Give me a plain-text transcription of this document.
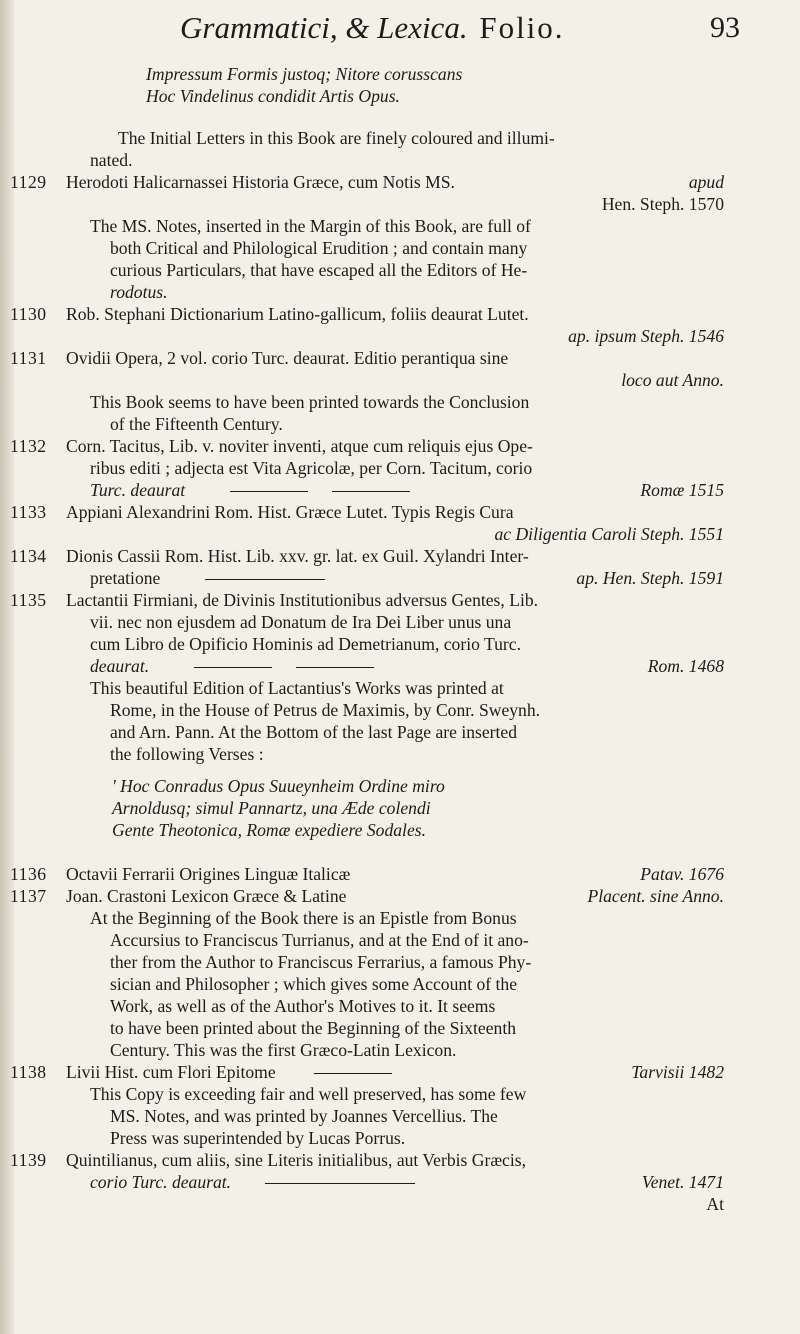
Grammatici, & Lexica. Folio.	93
Impressum Formis justoq; Nitore corusscans
Hoc Vindelinus condidit Artis Opus.
The Initial Letters in this Book are finely coloured and illumi-
nated.
1129	Herodoti Halicarnassei Historia Græce, cum Notis MS.	apud
Hen. Steph. 1570
The MS. Notes, inserted in the Margin of this Book, are full of
both Critical and Philological Erudition ; and contain many
curious Particulars, that have escaped all the Editors of He-
rodotus.
1130	Rob. Stephani Dictionarium Latino-gallicum, foliis deaurat Lutet.
ap. ipsum Steph. 1546
1131	Ovidii Opera, 2 vol. corio Turc. deaurat. Editio perantiqua sine
loco aut Anno.
This Book seems to have been printed towards the Conclusion
of the Fifteenth Century.
1132	Corn. Tacitus, Lib. v. noviter inventi, atque cum reliquis ejus Ope-
ribus editi ; adjecta est Vita Agricolæ, per Corn. Tacitum, corio
Turc. deaurat	Romæ 1515
1133	Appiani Alexandrini Rom. Hist. Græce Lutet. Typis Regis Cura
ac Diligentia Caroli Steph. 1551
1134	Dionis Cassii Rom. Hist. Lib. xxv. gr. lat. ex Guil. Xylandri Inter-
pretatione	ap. Hen. Steph. 1591
1135	Lactantii Firmiani, de Divinis Institutionibus adversus Gentes, Lib.
vii. nec non ejusdem ad Donatum de Ira Dei Liber unus una
cum Libro de Opificio Hominis ad Demetrianum, corio Turc.
deaurat.	Rom. 1468
This beautiful Edition of Lactantius's Works was printed at
Rome, in the House of Petrus de Maximis, by Conr. Sweynh.
and Arn. Pann. At the Bottom of the last Page are inserted
the following Verses :
' Hoc Conradus Opus Suueynheim Ordine miro
Arnoldusq; simul Pannartz, una Æde colendi
Gente Theotonica, Romæ expediere Sodales.
1136	Octavii Ferrarii Origines Linguæ Italicæ	Patav. 1676
1137	Joan. Crastoni Lexicon Græce & Latine	Placent. sine Anno.
At the Beginning of the Book there is an Epistle from Bonus
Accursius to Franciscus Turrianus, and at the End of it ano-
ther from the Author to Franciscus Ferrarius, a famous Phy-
sician and Philosopher ; which gives some Account of the
Work, as well as of the Author's Motives to it. It seems
to have been printed about the Beginning of the Sixteenth
Century. This was the first Græco-Latin Lexicon.
1138	Livii Hist. cum Flori Epitome	Tarvisii 1482
This Copy is exceeding fair and well preserved, has some few
MS. Notes, and was printed by Joannes Vercellius. The
Press was superintended by Lucas Porrus.
1139	Quintilianus, cum aliis, sine Literis initialibus, aut Verbis Græcis,
corio Turc. deaurat.	Venet. 1471
At
